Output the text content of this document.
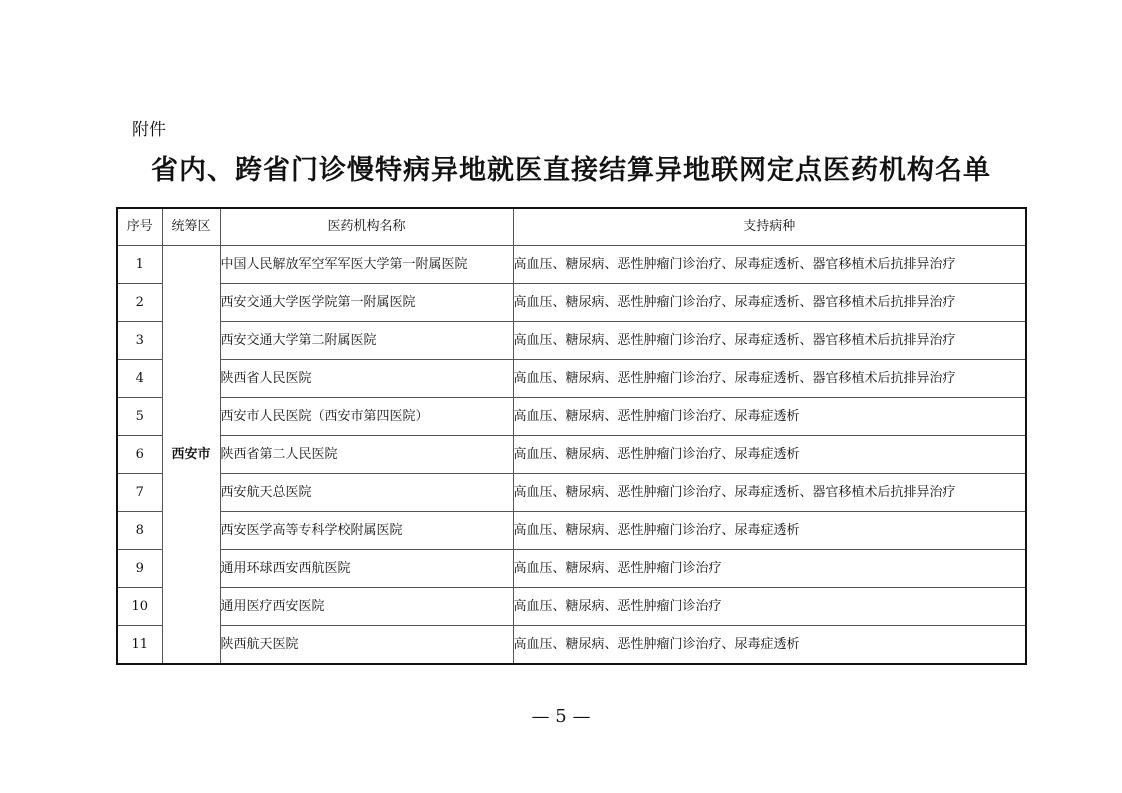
附件
省内、跨省门诊慢特病异地就医直接结算异地联网定点医药机构名单
序号	统筹区	医药机构名称	支持病种
1	西安市	中国人民解放军空军军医大学第一附属医院	高血压、糖尿病、恶性肿瘤门诊治疗、尿毒症透析、器官移植术后抗排异治疗
2		西安交通大学医学院第一附属医院	高血压、糖尿病、恶性肿瘤门诊治疗、尿毒症透析、器官移植术后抗排异治疗
3		西安交通大学第二附属医院	高血压、糖尿病、恶性肿瘤门诊治疗、尿毒症透析、器官移植术后抗排异治疗
4		陕西省人民医院	高血压、糖尿病、恶性肿瘤门诊治疗、尿毒症透析、器官移植术后抗排异治疗
5		西安市人民医院（西安市第四医院）	高血压、糖尿病、恶性肿瘤门诊治疗、尿毒症透析
6		陕西省第二人民医院	高血压、糖尿病、恶性肿瘤门诊治疗、尿毒症透析
7		西安航天总医院	高血压、糖尿病、恶性肿瘤门诊治疗、尿毒症透析、器官移植术后抗排异治疗
8		西安医学高等专科学校附属医院	高血压、糖尿病、恶性肿瘤门诊治疗、尿毒症透析
9		通用环球西安西航医院	高血压、糖尿病、恶性肿瘤门诊治疗
10		通用医疗西安医院	高血压、糖尿病、恶性肿瘤门诊治疗
11		陕西航天医院	高血压、糖尿病、恶性肿瘤门诊治疗、尿毒症透析
— 5 —
